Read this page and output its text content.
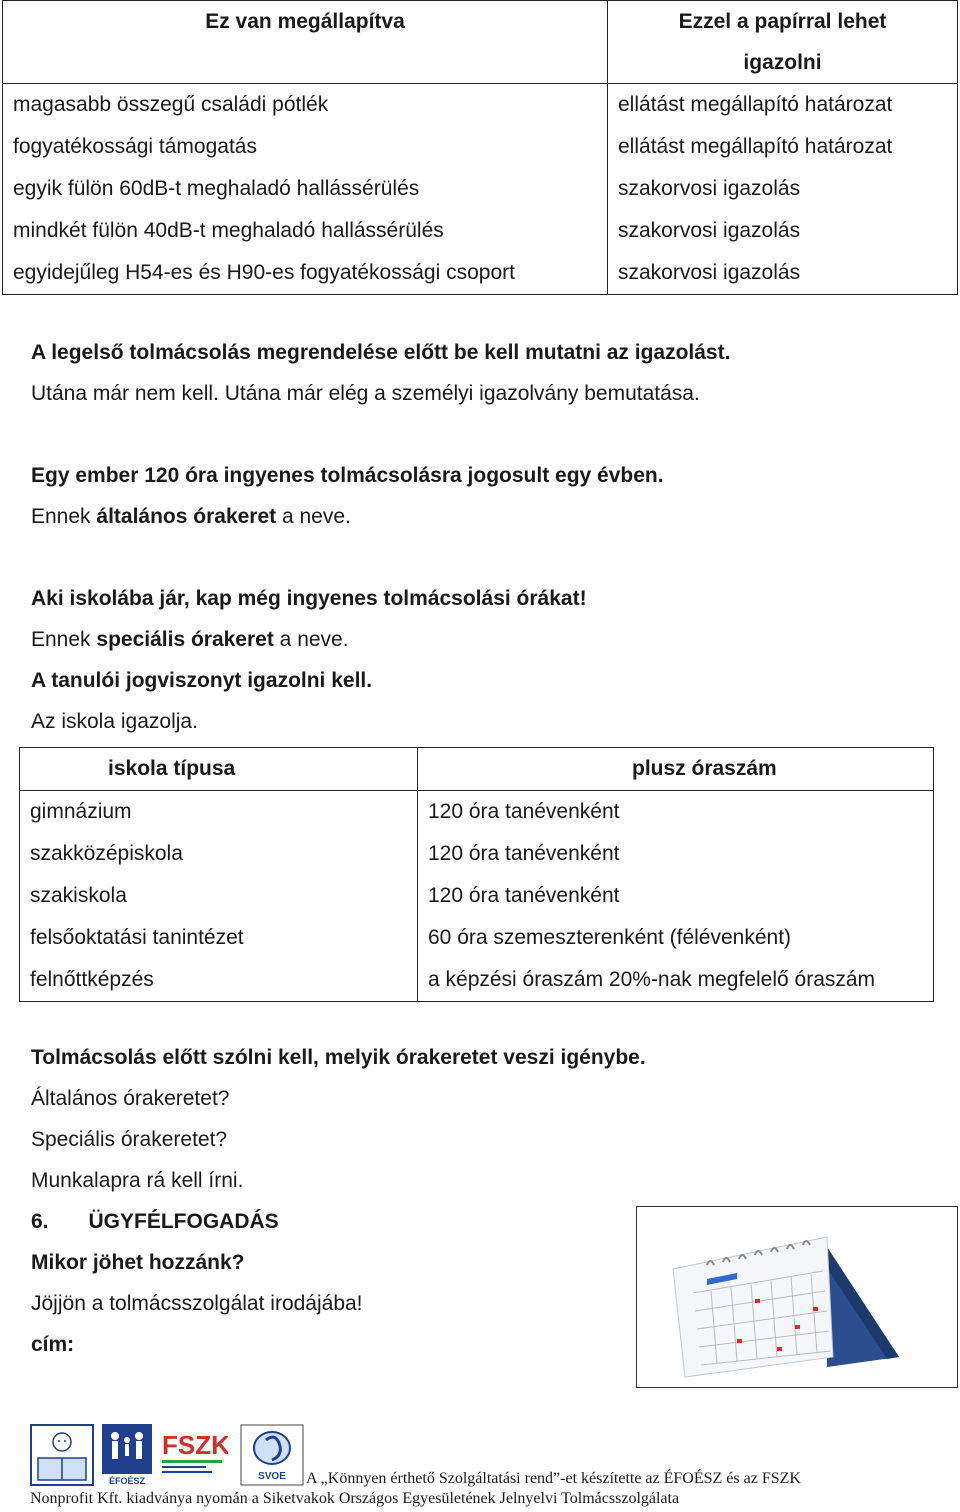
Ez van megállapítva	Ezzel a papírral lehet
igazolni

magasabb összegű családi pótlék	ellátást megállapító határozat
fogyatékossági támogatás	ellátást megállapító határozat
egyik fülön 60dB-t meghaladó hallássérülés	szakorvosi igazolás
mindkét fülön 40dB-t meghaladó hallássérülés	szakorvosi igazolás
egyidejűleg H54-es és H90-es fogyatékossági csoport	szakorvosi igazolás
A legelső tolmácsolás megrendelése előtt be kell mutatni az igazolást.
Utána már nem kell. Utána már elég a személyi igazolvány bemutatása.
Egy ember 120 óra ingyenes tolmácsolásra jogosult egy évben.
Ennek általános órakeret a neve.
Aki iskolába jár, kap még ingyenes tolmácsolási órákat!
Ennek speciális órakeret a neve.
A tanulói jogviszonyt igazolni kell.
Az iskola igazolja.
iskola típusa	plusz óraszám
gimnázium	120 óra tanévenként
szakközépiskola	120 óra tanévenként
szakiskola	120 óra tanévenként
felsőoktatási tanintézet	60 óra szemeszterenként (félévenként)
felnőttképzés	a képzési óraszám 20%-nak megfelelő óraszám
Tolmácsolás előtt szólni kell, melyik órakeretet veszi igénybe.
Általános órakeretet?
Speciális órakeretet?
Munkalapra rá kell írni.
6. ÜGYFÉLFOGADÁS
Mikor jöhet hozzánk?
Jöjjön a tolmácsszolgálat irodájába!
cím:
ÉFOÉSZ
FSZK
SVOE A „Könnyen érthető Szolgáltatási rend”-et készítette az ÉFOÉSZ és az FSZK
Nonprofit Kft. kiadványa nyomán a Siketvakok Országos Egyesületének Jelnyelvi Tolmácsszolgálata
